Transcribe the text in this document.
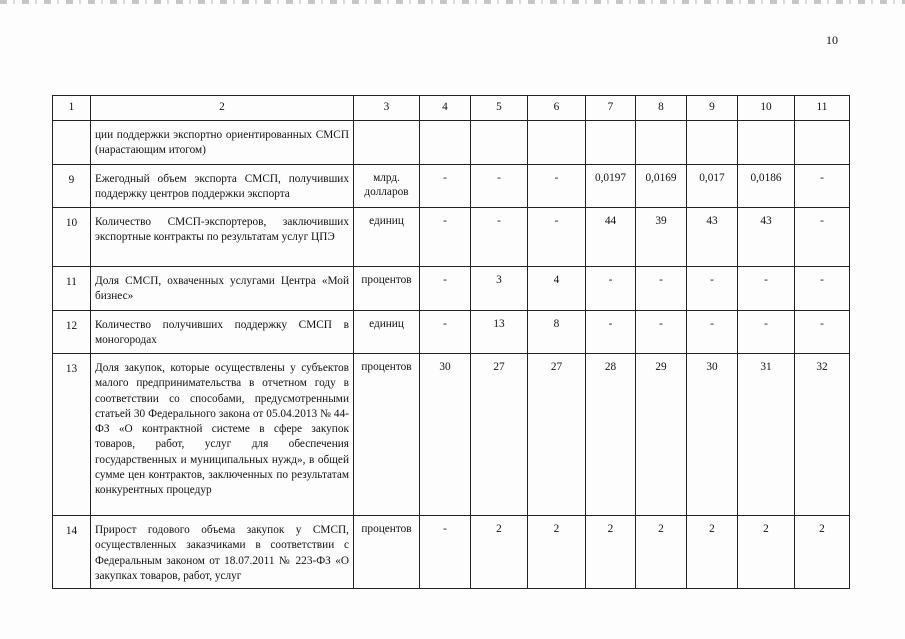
10
1	2	3	4	5	6	7	8	9	10	11
	ции поддержки экспортно ориентированных СМСП (нарастающим итогом)									
9	Ежегодный объем экспорта СМСП, получивших поддержку центров поддержки экспорта	млрд. долларов	-	-	-	0,0197	0,0169	0,017	0,0186	-
10	Количество СМСП-экспортеров, заключивших экспортные контракты по результатам услуг ЦПЭ	единиц	-	-	-	44	39	43	43	-
11	Доля СМСП, охваченных услугами Центра «Мой бизнес»	процентов	-	3	4	-	-	-	-	-
12	Количество получивших поддержку СМСП в моногородах	единиц	-	13	8	-	-	-	-	-
13	Доля закупок, которые осуществлены у субъектов малого предпринимательства в отчетном году в соответствии со способами, предусмотренными статьей 30 Федерального закона от 05.04.2013 № 44-ФЗ «О контрактной системе в сфере закупок товаров, работ, услуг для обеспечения государственных и муниципальных нужд», в общей сумме цен контрактов, заключенных по результатам конкурентных процедур	процентов	30	27	27	28	29	30	31	32
14	Прирост годового объема закупок у СМСП, осуществленных заказчиками в соответствии с Федеральным законом от 18.07.2011 № 223-ФЗ «О закупках товаров, работ, услуг	процентов	-	2	2	2	2	2	2	2
